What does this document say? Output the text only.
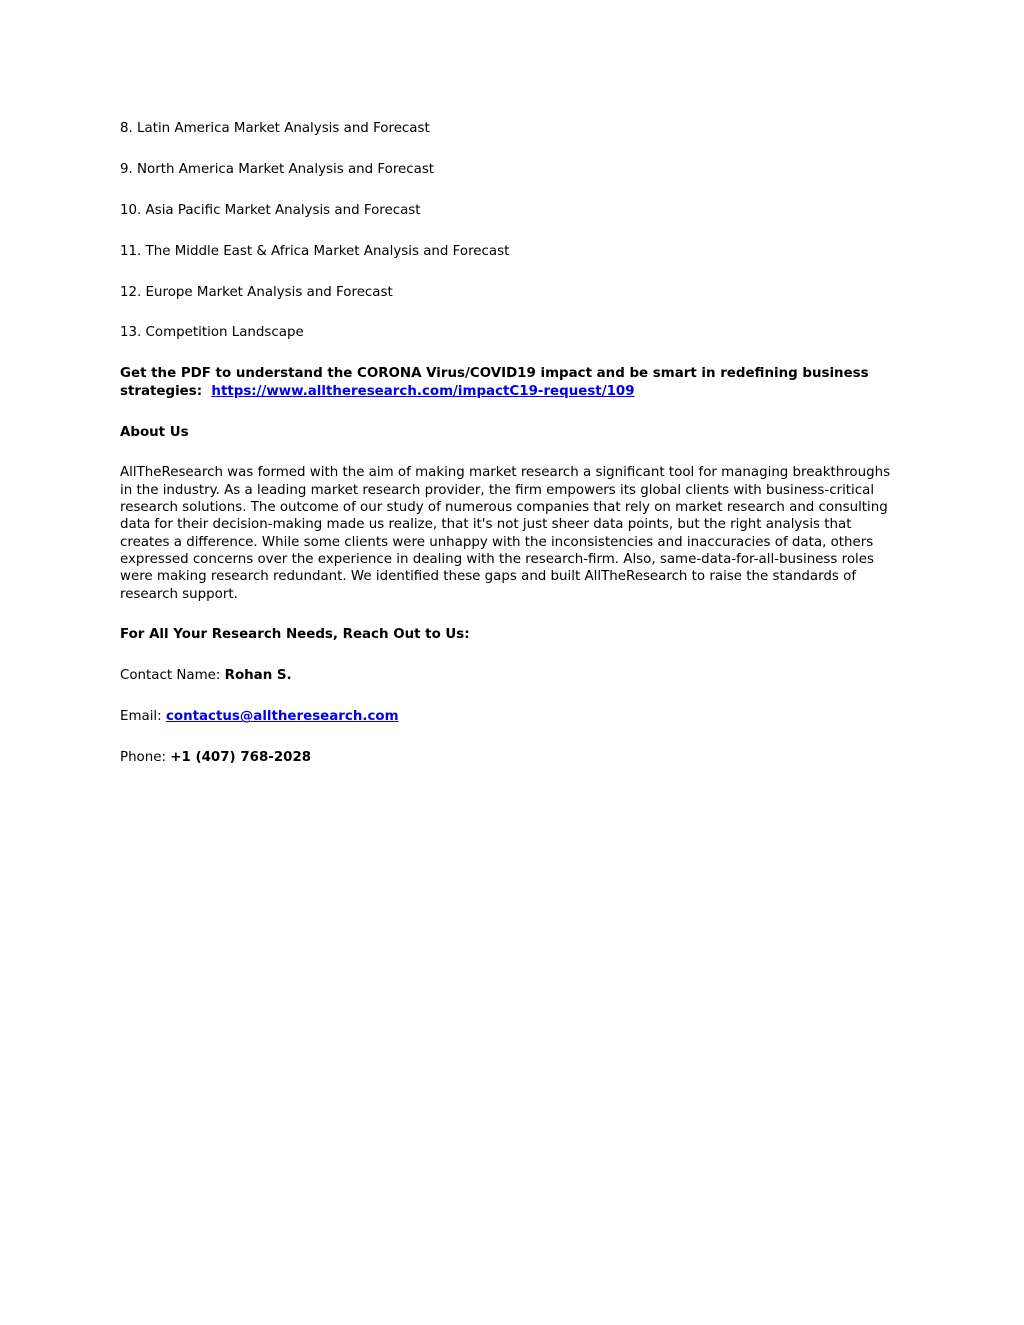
8. Latin America Market Analysis and Forecast
9. North America Market Analysis and Forecast
10. Asia Pacific Market Analysis and Forecast
11. The Middle East & Africa Market Analysis and Forecast
12. Europe Market Analysis and Forecast
13. Competition Landscape
Get the PDF to understand the CORONA Virus/COVID19 impact and be smart in redefining business strategies: https://www.alltheresearch.com/impactC19-request/109
About Us
AllTheResearch was formed with the aim of making market research a significant tool for managing breakthroughs in the industry. As a leading market research provider, the firm empowers its global clients with business-critical research solutions. The outcome of our study of numerous companies that rely on market research and consulting data for their decision-making made us realize, that it's not just sheer data points, but the right analysis that creates a difference. While some clients were unhappy with the inconsistencies and inaccuracies of data, others expressed concerns over the experience in dealing with the research-firm. Also, same-data-for-all-business roles were making research redundant. We identified these gaps and built AllTheResearch to raise the standards of research support.
For All Your Research Needs, Reach Out to Us:
Contact Name: Rohan S.
Email: contactus@alltheresearch.com
Phone: +1 (407) 768-2028
